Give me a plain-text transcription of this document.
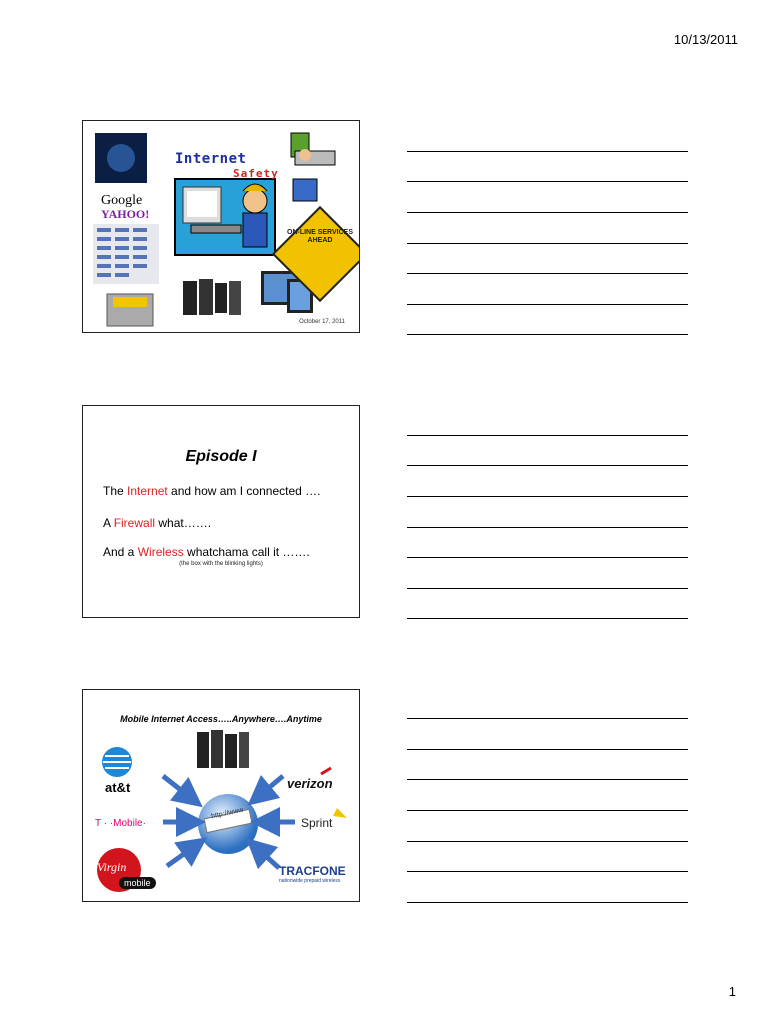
10/13/2011
Internet
Safety
Google
YAHOO!
ON-LINE SERVICES AHEAD
October 17, 2011
Episode I
The Internet and how am I connected ….
A Firewall what…….
And a Wireless whatchama call it …….
(the box with the blinking lights)
Mobile Internet Access…..Anywhere….Anytime
at&t
T · ·Mobile·
verizon
Sprint
TRACFONE
nationwide prepaid wireless
Virgin
mobile
http://www
1
